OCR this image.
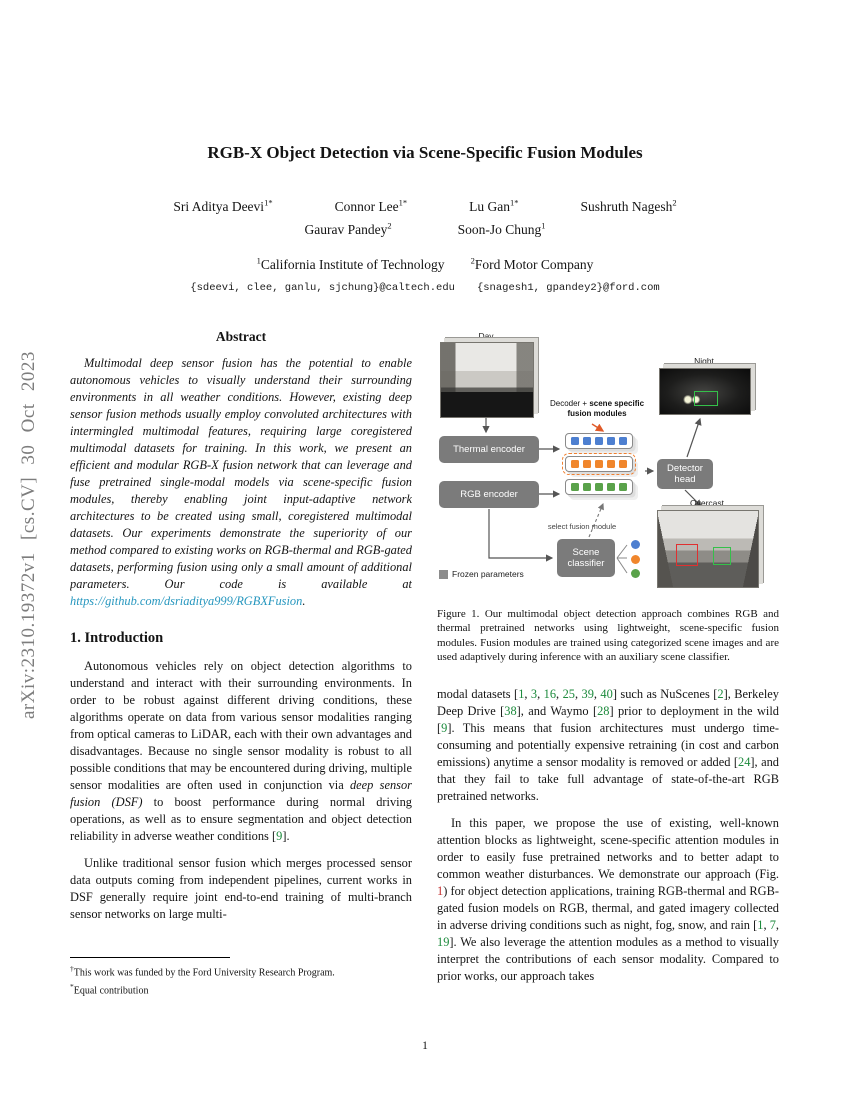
arXiv:2310.19372v1 [cs.CV] 30 Oct 2023
RGB-X Object Detection via Scene-Specific Fusion Modules
Sri Aditya Deevi$^{1*}$	Connor Lee$^{1*}$	Lu Gan$^{1*}$	Sushruth Nagesh$^2$
Gaurav Pandey$^2$	Soon-Jo Chung$^1$
$^1$California Institute of Technology	$^2$Ford Motor Company
{sdeevi, clee, ganlu, sjchung}@caltech.edu {snagesh1, gpandey2}@ford.com
Abstract

Multimodal deep sensor fusion has the potential to enable autonomous vehicles to visually understand their surrounding environments in all weather conditions. However, existing deep sensor fusion methods usually employ convoluted architectures with intermingled multimodal features, requiring large coregistered multimodal datasets for training. In this work, we present an efficient and modular RGB-X fusion network that can leverage and fuse pretrained single-modal models via scene-specific fusion modules, thereby enabling joint input-adaptive network architectures to be created using small, coregistered multimodal datasets. Our experiments demonstrate the superiority of our method compared to existing works on RGB-thermal and RGB-gated datasets, performing fusion using only a small amount of additional parameters. Our code is available at https://github.com/dsriaditya999/RGBXFusion.

1. Introduction

Autonomous vehicles rely on object detection algorithms to understand and interact with their surrounding environments. In order to be robust against different driving conditions, these algorithms operate on data from various sensor modalities ranging from optical cameras to LiDAR, each with their own advantages and disadvantages. Because no single sensor modality is robust to all possible conditions that may be encountered during driving, multiple sensor modalities are often used in conjunction via deep sensor fusion (DSF) to boost performance during normal driving operations, as well as to ensure segmentation and object detection reliability in adverse weather conditions [9].

Unlike traditional sensor fusion which merges processed sensor data outputs coming from independent pipelines, current works in DSF generally require joint end-to-end training of multi-branch sensor networks on large multi-

†This work was funded by the Ford University Research Program.
*Equal contribution
Day
Night
Decoder + scene specific fusion modules
Thermal encoder
RGB encoder
Detector head
Overcast
select fusion module
Scene classifier
Frozen parameters
Figure 1. Our multimodal object detection approach combines RGB and thermal pretrained networks using lightweight, scene-specific fusion modules. Fusion modules are trained using categorized scene images and are used adaptively during inference with an auxiliary scene classifier.

modal datasets [1, 3, 16, 25, 39, 40] such as NuScenes [2], Berkeley Deep Drive [38], and Waymo [28] prior to deployment in the wild [9]. This means that fusion architectures must undergo time-consuming and potentially expensive retraining (in cost and carbon emissions) anytime a sensor modality is removed or added [24], and that they fail to take full advantage of state-of-the-art RGB pretrained networks.

In this paper, we propose the use of existing, well-known attention blocks as lightweight, scene-specific attention modules in order to easily fuse pretrained networks and to better adapt to common weather disturbances. We demonstrate our approach (Fig. 1) for object detection applications, training RGB-thermal and RGB-gated fusion models on RGB, thermal, and gated imagery collected in adverse driving conditions such as night, fog, snow, and rain [1, 7, 19]. We also leverage the attention modules as a method to visually interpret the contributions of each sensor modality. Compared to prior works, our approach takes

1
